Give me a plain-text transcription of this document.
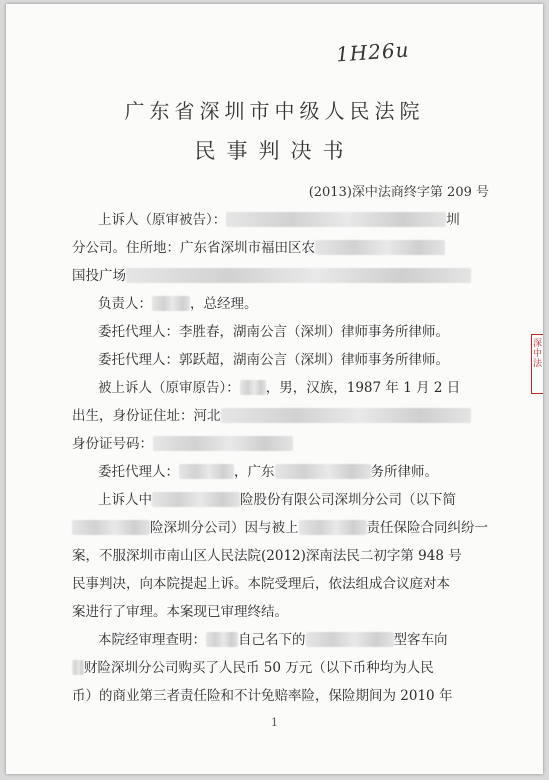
1H26u
广东省深圳市中级人民法院
民事判决书
(2013)深中法商终字第 209 号
上诉人（原审被告）：	圳
分公司。住所地：广东省深圳市福田区农
国投广场
负责人：	，总经理。
委托代理人：李胜春，湖南公言（深圳）律师事务所律师。
委托代理人：郭跃超，湖南公言（深圳）律师事务所律师。
被上诉人（原审原告）： ，男，汉族，1987 年 1 月 2 日
出生，身份证住址：河北
身份证号码：
委托代理人：	，广东	务所律师。
上诉人中	险股份有限公司深圳分公司（以下简
险深圳分公司）因与被上	责任保险合同纠纷一
案，不服深圳市南山区人民法院(2012)深南法民二初字第 948 号
民事判决，向本院提起上诉。本院受理后，依法组成合议庭对本
案进行了审理。本案现已审理终结。
本院经审理查明： 自己名下的	型客车向
财险深圳分公司购买了人民币 50 万元（以下币种均为人民
币）的商业第三者责任险和不计免赔率险，保险期间为 2010 年
深中法
1
